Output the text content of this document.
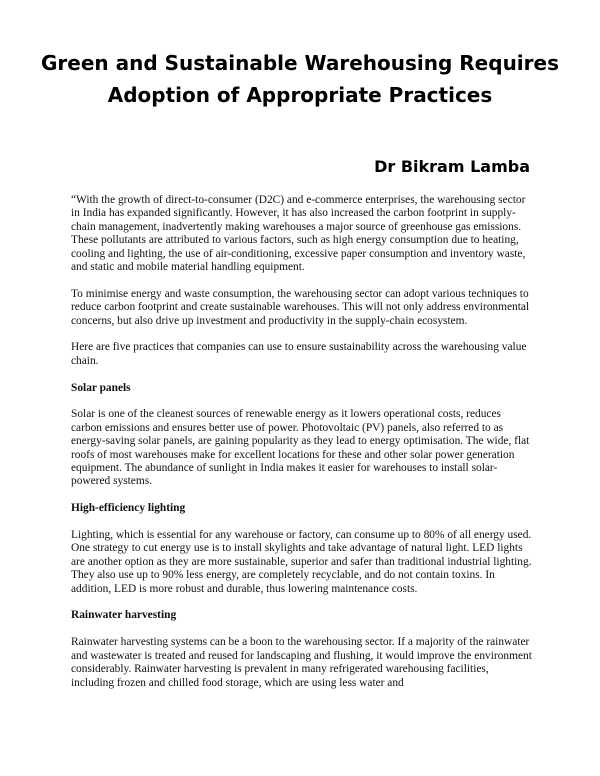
Green and Sustainable Warehousing Requires Adoption of Appropriate Practices
Dr Bikram Lamba

“With the growth of direct-to-consumer (D2C) and e-commerce enterprises, the warehousing sector in India has expanded significantly. However, it has also increased the carbon footprint in supply-chain management, inadvertently making warehouses a major source of greenhouse gas emissions. These pollutants are attributed to various factors, such as high energy consumption due to heating, cooling and lighting, the use of air-conditioning, excessive paper consumption and inventory waste, and static and mobile material handling equipment.

To minimise energy and waste consumption, the warehousing sector can adopt various techniques to reduce carbon footprint and create sustainable warehouses. This will not only address environmental concerns, but also drive up investment and productivity in the supply-chain ecosystem.

Here are five practices that companies can use to ensure sustainability across the warehousing value chain.

Solar panels

Solar is one of the cleanest sources of renewable energy as it lowers operational costs, reduces carbon emissions and ensures better use of power. Photovoltaic (PV) panels, also referred to as energy-saving solar panels, are gaining popularity as they lead to energy optimisation. The wide, flat roofs of most warehouses make for excellent locations for these and other solar power generation equipment. The abundance of sunlight in India makes it easier for warehouses to install solar-powered systems.

High-efficiency lighting

Lighting, which is essential for any warehouse or factory, can consume up to 80% of all energy used. One strategy to cut energy use is to install skylights and take advantage of natural light. LED lights are another option as they are more sustainable, superior and safer than traditional industrial lighting. They also use up to 90% less energy, are completely recyclable, and do not contain toxins. In addition, LED is more robust and durable, thus lowering maintenance costs.

Rainwater harvesting

Rainwater harvesting systems can be a boon to the warehousing sector. If a majority of the rainwater and wastewater is treated and reused for landscaping and flushing, it would improve the environment considerably. Rainwater harvesting is prevalent in many refrigerated warehousing facilities, including frozen and chilled food storage, which are using less water and
